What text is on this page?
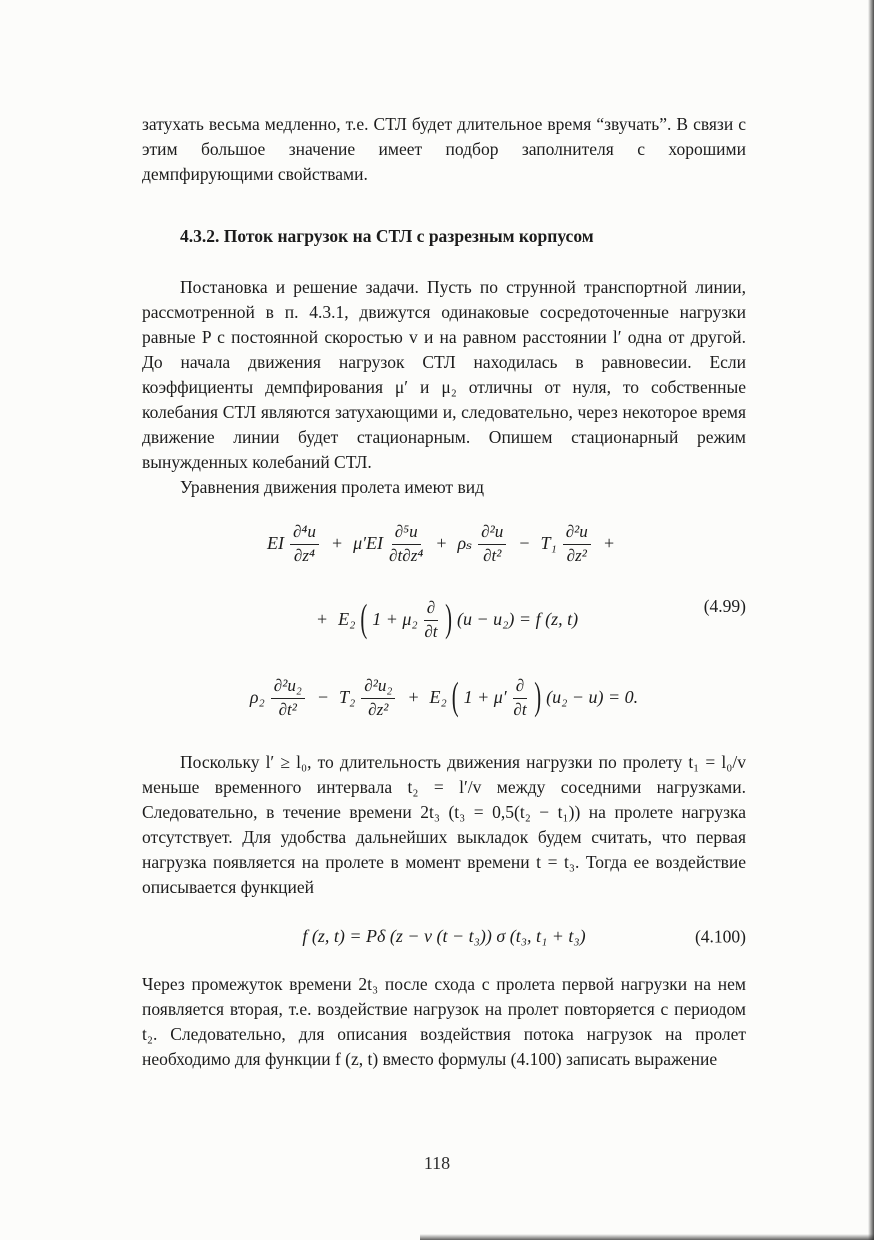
затухать весьма медленно, т.е. СТЛ будет длительное время “звучать”. В связи с этим большое значение имеет подбор заполнителя с хорошими демпфирующими свойствами.

4.3.2. Поток нагрузок на СТЛ с разрезным корпусом

Постановка и решение задачи. Пусть по струнной транспортной линии, рассмотренной в п. 4.3.1, движутся одинаковые сосредоточенные нагрузки равные P с постоянной скоростью v и на равном расстоянии l′ одна от другой. До начала движения нагрузок СТЛ находилась в равновесии. Если коэффициенты демпфирования μ′ и μ₂ отличны от нуля, то собственные колебания СТЛ являются затухающими и, следовательно, через некоторое время движение линии будет стационарным. Опишем стационарный режим вынужденных колебаний СТЛ.

Уравнения движения пролета имеют вид

EI $\frac{\text{∂⁴u}}{\text{∂z⁴}} + \mu'EI \frac{\text{∂⁵u}}{\text{∂t∂z⁴}} + \rho_s \frac{\text{∂²u}}{\text{∂t²}} - T_1 \frac{\text{∂²u}}{\text{∂z²}}$ +
+ E₂ ( $1 + \mu_2 \frac{\partial}{\partial t}$ ) (u − u₂) = f (z, t)
(4.99)
$\rho_2 \frac{\text{∂²u₂}}{\text{∂t²}} - T_2 \frac{\text{∂²u₂}}{\text{∂z²}} + E_2$ ( $1 + \mu' \frac{\partial}{\partial t}$ ) (u₂ − u) = 0.

Поскольку l′ ≥ l₀, то длительность движения нагрузки по пролету t₁ = l₀/v меньше временного интервала t₂ = l′/v между соседними нагрузками. Следовательно, в течение времени 2t₃ (t₃ = 0,5(t₂ − t₁)) на пролете нагрузка отсутствует. Для удобства дальнейших выкладок будем считать, что первая нагрузка появляется на пролете в момент времени t = t₃. Тогда ее воздействие описывается функцией

f (z, t) = Pδ (z − v (t − t₃)) σ (t₃, t₁ + t₃)	(4.100)

Через промежуток времени 2t₃ после схода с пролета первой нагрузки на нем появляется вторая, т.е. воздействие нагрузок на пролет повторяется с периодом t₂. Следовательно, для описания воздействия потока нагрузок на пролет необходимо для функции f (z, t) вместо формулы (4.100) записать выражение

118
